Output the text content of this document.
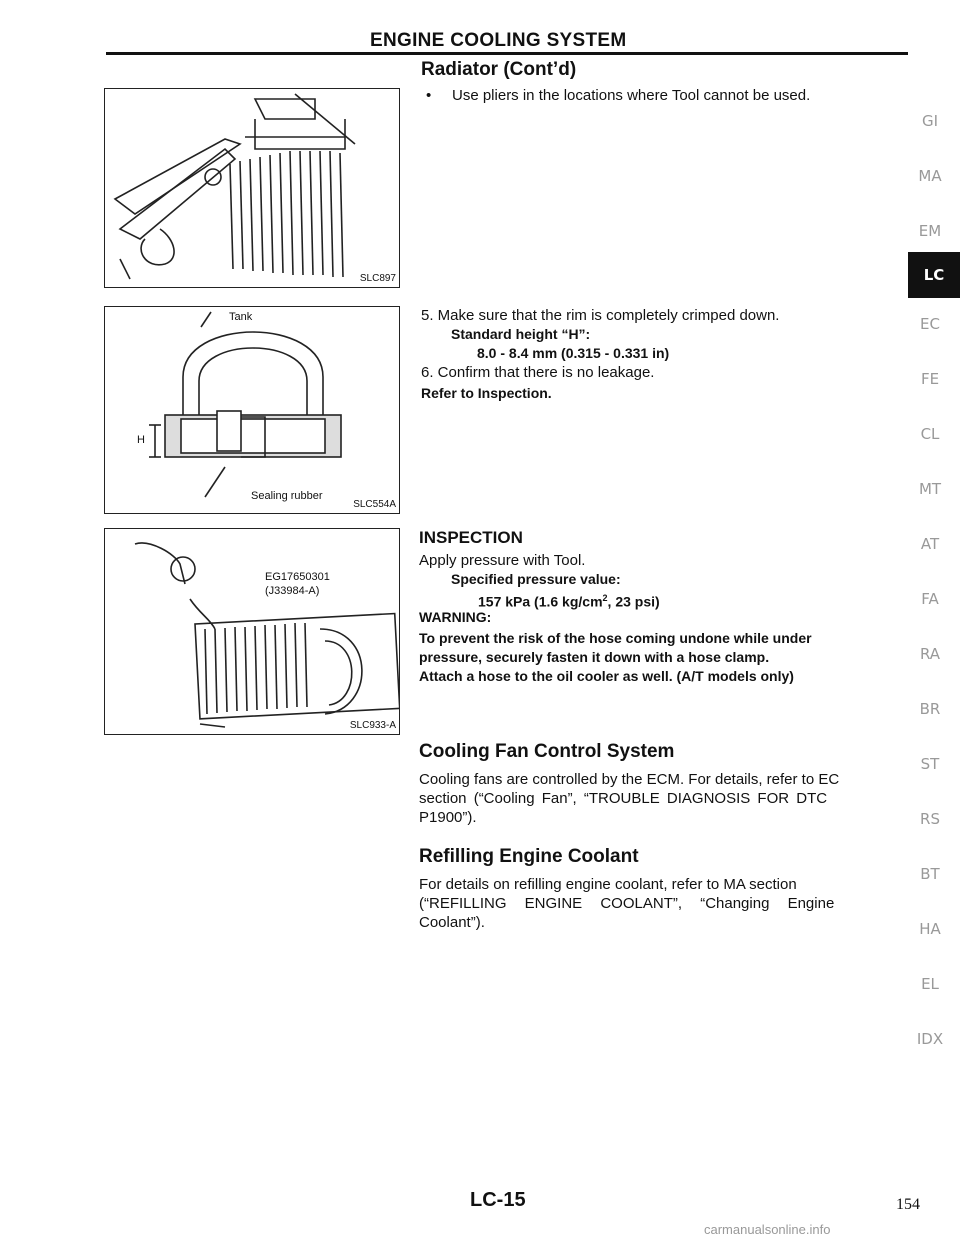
ENGINE COOLING SYSTEM
Radiator (Cont’d)
SLC897
Tank
H
Sealing rubber
SLC554A
EG17650301
(J33984-A)
SLC933-A
• Use pliers in the locations where Tool cannot be used.
5. Make sure that the rim is completely crimped down.
Standard height “H”:
8.0 - 8.4 mm (0.315 - 0.331 in)
6. Confirm that there is no leakage.
Refer to Inspection.
INSPECTION
Apply pressure with Tool.
Specified pressure value:
157 kPa (1.6 $kg/cm^2$, 23 psi)
WARNING:
To prevent the risk of the hose coming undone while under
pressure, securely fasten it down with a hose clamp.
Attach a hose to the oil cooler as well. (A/T models only)
Cooling Fan Control System
Cooling fans are controlled by the ECM. For details, refer to EC
section (“Cooling Fan”, “TROUBLE DIAGNOSIS FOR DTC
P1900”).
Refilling Engine Coolant
For details on refilling engine coolant, refer to MA section
(“REFILLING ENGINE COOLANT”, “Changing Engine
Coolant”).
GI
MA
EM
LC
EC
FE
CL
MT
AT
FA
RA
BR
ST
RS
BT
HA
EL
IDX
LC-15	154
carmanualsonline.info
